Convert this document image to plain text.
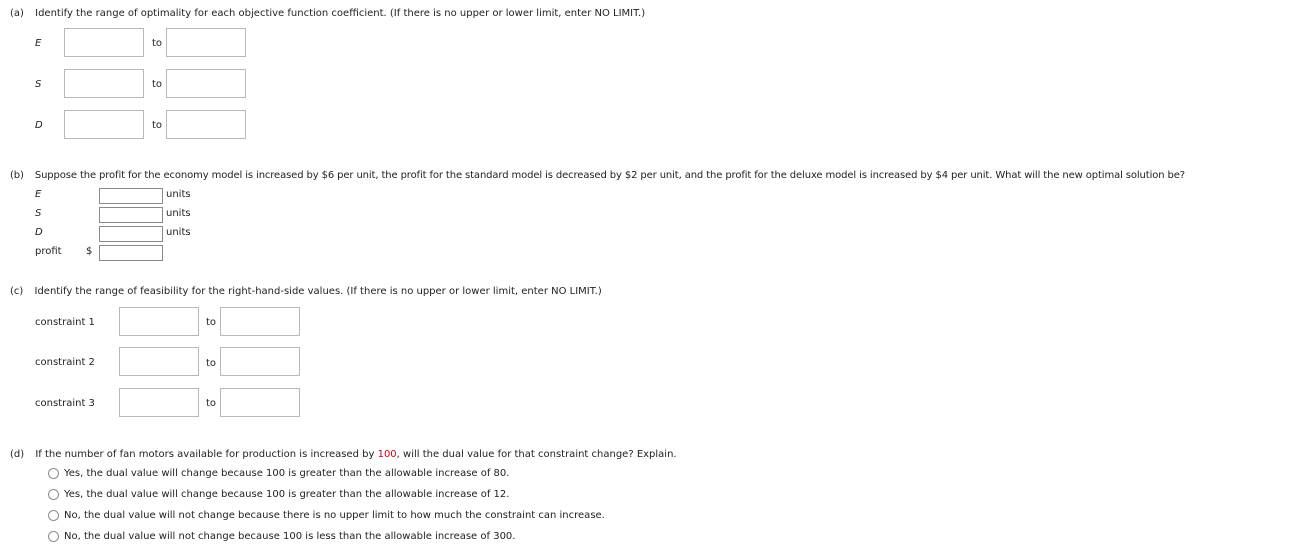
(a) Identify the range of optimality for each objective function coefficient. (If there is no upper or lower limit, enter NO LIMIT.)
E	to
S	to
D	to
(b) Suppose the profit for the economy model is increased by $6 per unit, the profit for the standard model is decreased by $2 per unit, and the profit for the deluxe model is increased by $4 per unit. What will the new optimal solution be?
E	units
S	units
D	units
profit $
(c) Identify the range of feasibility for the right-hand-side values. (If there is no upper or lower limit, enter NO LIMIT.)
constraint 1	to
constraint 2	to
constraint 3	to
(d) If the number of fan motors available for production is increased by 100, will the dual value for that constraint change? Explain.
Yes, the dual value will change because 100 is greater than the allowable increase of 80.
Yes, the dual value will change because 100 is greater than the allowable increase of 12.
No, the dual value will not change because there is no upper limit to how much the constraint can increase.
No, the dual value will not change because 100 is less than the allowable increase of 300.
